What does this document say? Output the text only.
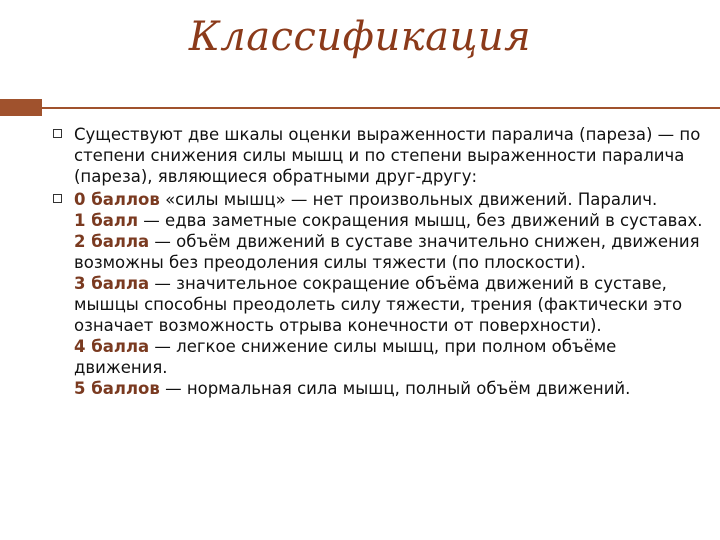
Классификация
Существуют две шкалы оценки выраженности паралича (пареза) — по степени снижения силы мышц и по степени выраженности паралича (пареза), являющиеся обратными друг-другу:
0 баллов «силы мышц» — нет произвольных движений. Паралич.
1 балл — едва заметные сокращения мышц, без движений в суставах.
2 балла — объём движений в суставе значительно снижен, движения возможны без преодоления силы тяжести (по плоскости).
3 балла — значительное сокращение объёма движений в суставе, мышцы способны преодолеть силу тяжести, трения (фактически это означает возможность отрыва конечности от поверхности).
4 балла — легкое снижение силы мышц, при полном объёме движения.
5 баллов — нормальная сила мышц, полный объём движений.
